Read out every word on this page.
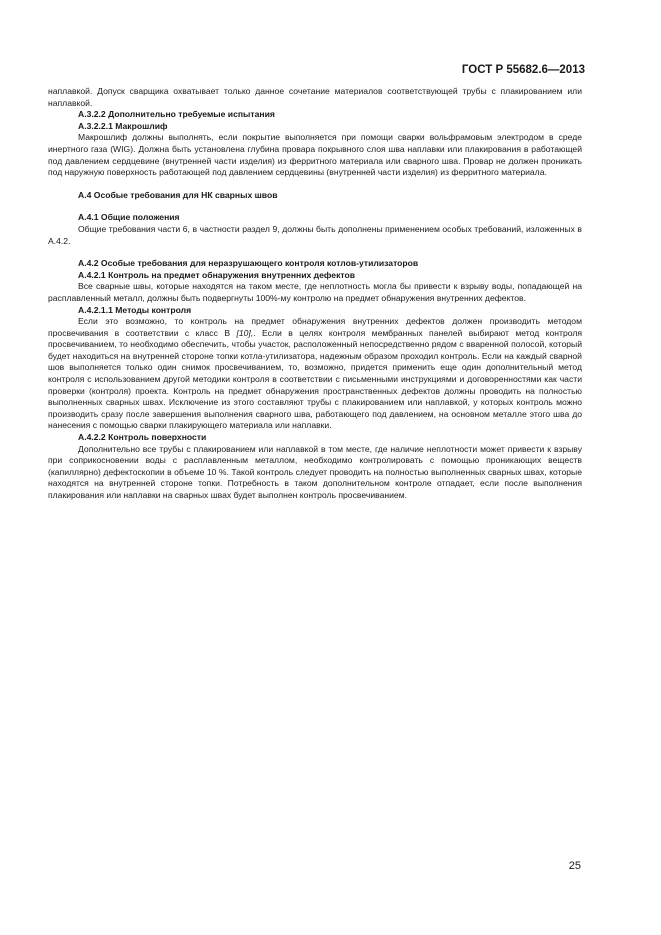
ГОСТ Р 55682.6—2013

наплавкой. Допуск сварщика охватывает только данное сочетание материалов соответствующей трубы с плакированием или наплавкой.

А.3.2.2 Дополнительно требуемые испытания

А.3.2.2.1 Макрошлиф

Макрошлиф должны выполнять, если покрытие выполняется при помощи сварки вольфрамовым электродом в среде инертного газа (WIG). Должна быть установлена глубина провара покрывного слоя шва наплавки или плакирования в работающей под давлением сердцевине (внутренней части изделия) из ферритного материала или сварного шва. Провар не должен проникать под наружную поверхность работающей под давлением сердцевины (внутренней части изделия) из ферритного материала.

А.4 Особые требования для НК сварных швов

А.4.1 Общие положения

Общие требования части 6, в частности раздел 9, должны быть дополнены применением особых требований, изложенных в А.4.2.

А.4.2 Особые требования для неразрушающего контроля котлов-утилизаторов

А.4.2.1 Контроль на предмет обнаружения внутренних дефектов

Все сварные швы, которые находятся на таком месте, где неплотность могла бы привести к взрыву воды, попадающей на расплавленный металл, должны быть подвергнуты 100%-му контролю на предмет обнаружения внутренних дефектов.

А.4.2.1.1 Методы контроля

Если это возможно, то контроль на предмет обнаружения внутренних дефектов должен производить методом просвечивания в соответствии с класс В [10],. Если в целях контроля мембранных панелей выбирают метод контроля просвечиванием, то необходимо обеспечить, чтобы участок, расположенный непосредственно рядом с вваренной полосой, который будет находиться на внутренней стороне топки котла-утилизатора, надежным образом проходил контроль. Если на каждый сварной шов выполняется только один снимок просвечиванием, то, возможно, придется применить еще один дополнительный метод контроля с использованием другой методики контроля в соответствии с письменными инструкциями и договоренностями как части проверки (контроля) проекта. Контроль на предмет обнаружения пространственных дефектов должны проводить на полностью выполненных сварных швах. Исключение из этого составляют трубы с плакированием или наплавкой, у которых контроль можно производить сразу после завершения выполнения сварного шва, работающего под давлением, на основном металле этого шва до нанесения с помощью сварки плакирующего материала или наплавки.

А.4.2.2 Контроль поверхности

Дополнительно все трубы с плакированием или наплавкой в том месте, где наличие неплотности может привести к взрыву при соприкосновении воды с расплавленным металлом, необходимо контролировать с помощью проникающих веществ (капиллярно) дефектоскопии в объеме 10 %. Такой контроль следует проводить на полностью выполненных сварных швах, которые находятся на внутренней стороне топки. Потребность в таком дополнительном контроле отпадает, если после выполнения плакирования или наплавки на сварных швах будет выполнен контроль просвечиванием.

25
